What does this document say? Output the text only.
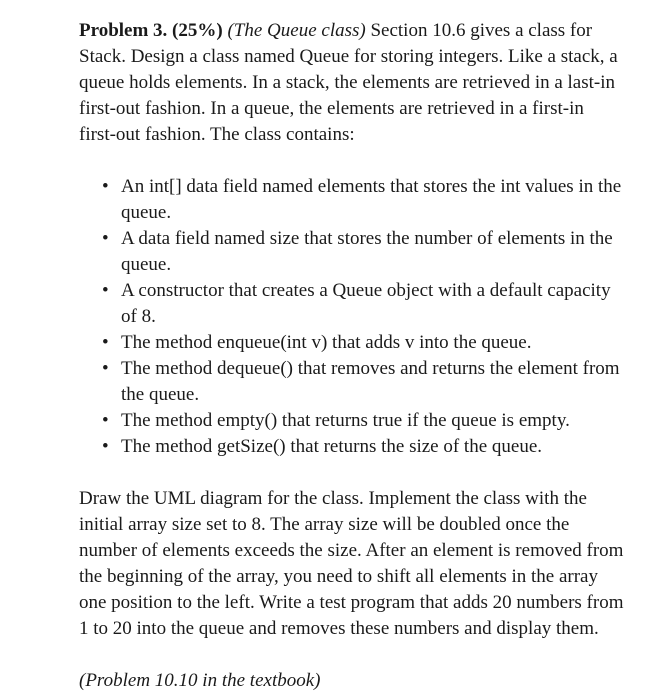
Problem 3. (25%) (The Queue class) Section 10.6 gives a class for Stack. Design a class named Queue for storing integers. Like a stack, a queue holds elements. In a stack, the elements are retrieved in a last-in first-out fashion. In a queue, the elements are retrieved in a first-in first-out fashion. The class contains:

• An int[] data field named elements that stores the int values in the queue.
• A data field named size that stores the number of elements in the queue.
• A constructor that creates a Queue object with a default capacity of 8.
• The method enqueue(int v) that adds v into the queue.
• The method dequeue() that removes and returns the element from the queue.
• The method empty() that returns true if the queue is empty.
• The method getSize() that returns the size of the queue.

Draw the UML diagram for the class. Implement the class with the initial array size set to 8. The array size will be doubled once the number of elements exceeds the size. After an element is removed from the beginning of the array, you need to shift all elements in the array one position to the left. Write a test program that adds 20 numbers from 1 to 20 into the queue and removes these numbers and display them.

(Problem 10.10 in the textbook)
